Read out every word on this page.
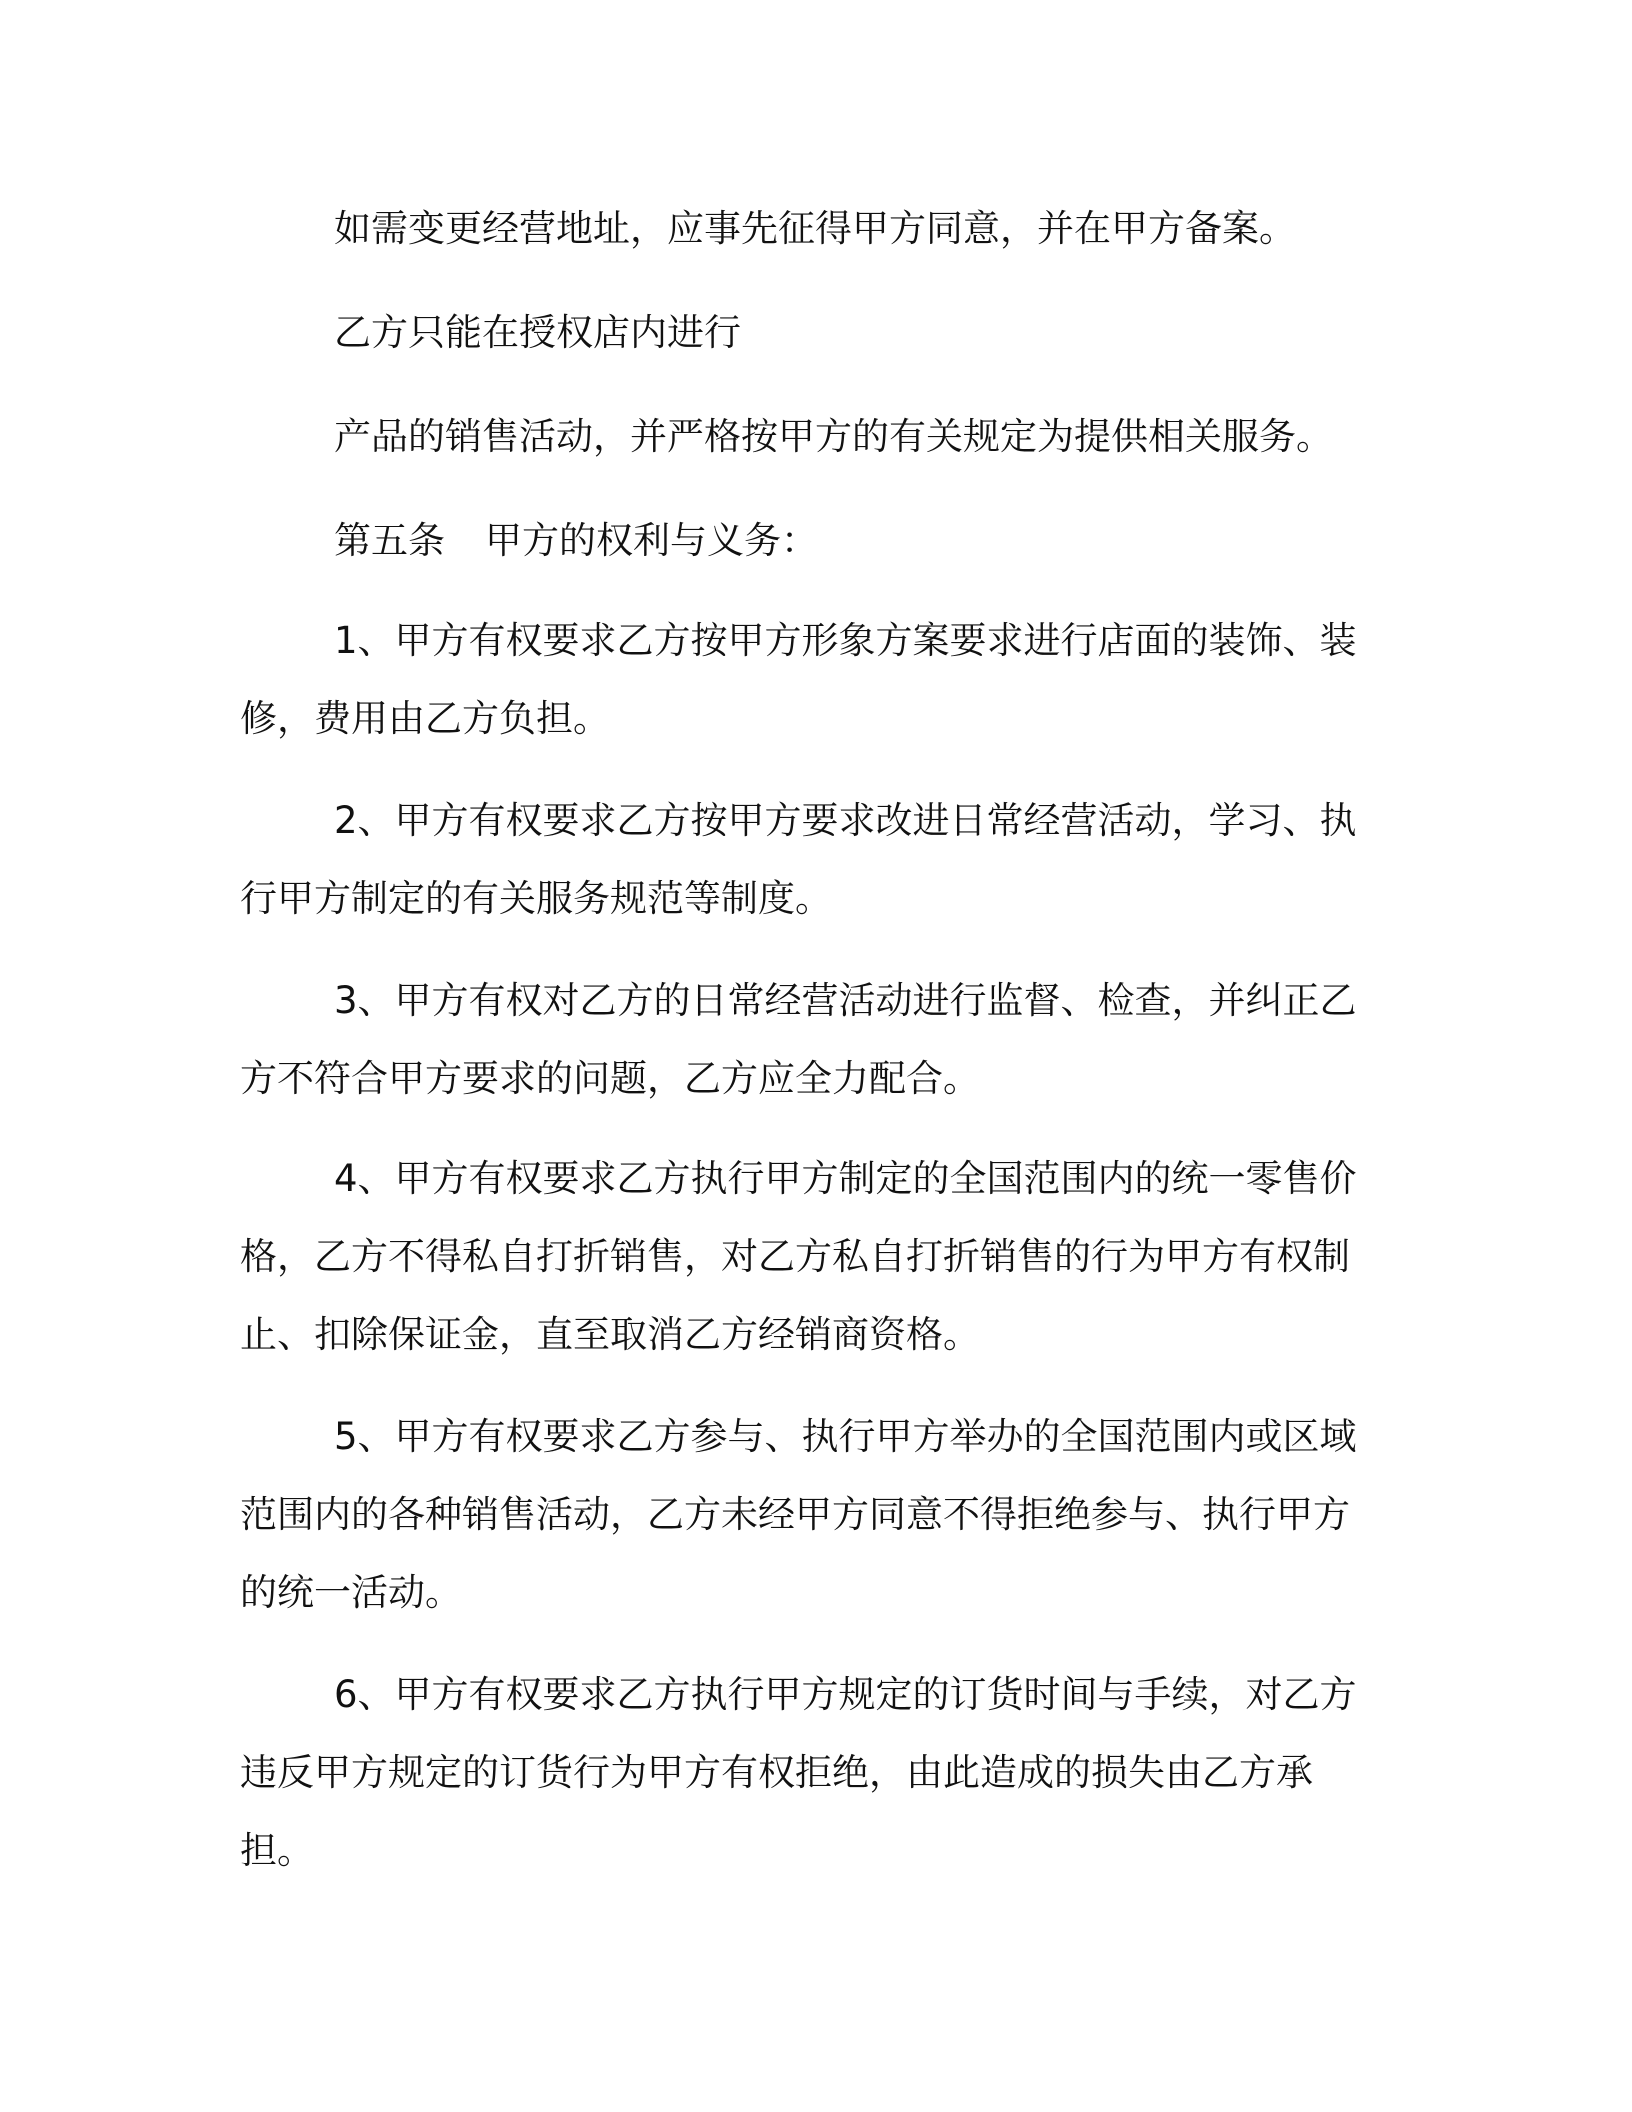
如需变更经营地址，应事先征得甲方同意，并在甲方备案。

乙方只能在授权店内进行

产品的销售活动，并严格按甲方的有关规定为提供相关服务。

第五条 甲方的权利与义务：

1、甲方有权要求乙方按甲方形象方案要求进行店面的装饰、装修，费用由乙方负担。

2、甲方有权要求乙方按甲方要求改进日常经营活动，学习、执行甲方制定的有关服务规范等制度。

3、甲方有权对乙方的日常经营活动进行监督、检查，并纠正乙方不符合甲方要求的问题，乙方应全力配合。

4、甲方有权要求乙方执行甲方制定的全国范围内的统一零售价格，乙方不得私自打折销售，对乙方私自打折销售的行为甲方有权制止、扣除保证金，直至取消乙方经销商资格。

5、甲方有权要求乙方参与、执行甲方举办的全国范围内或区域范围内的各种销售活动，乙方未经甲方同意不得拒绝参与、执行甲方的统一活动。

6、甲方有权要求乙方执行甲方规定的订货时间与手续，对乙方违反甲方规定的订货行为甲方有权拒绝，由此造成的损失由乙方承担。
